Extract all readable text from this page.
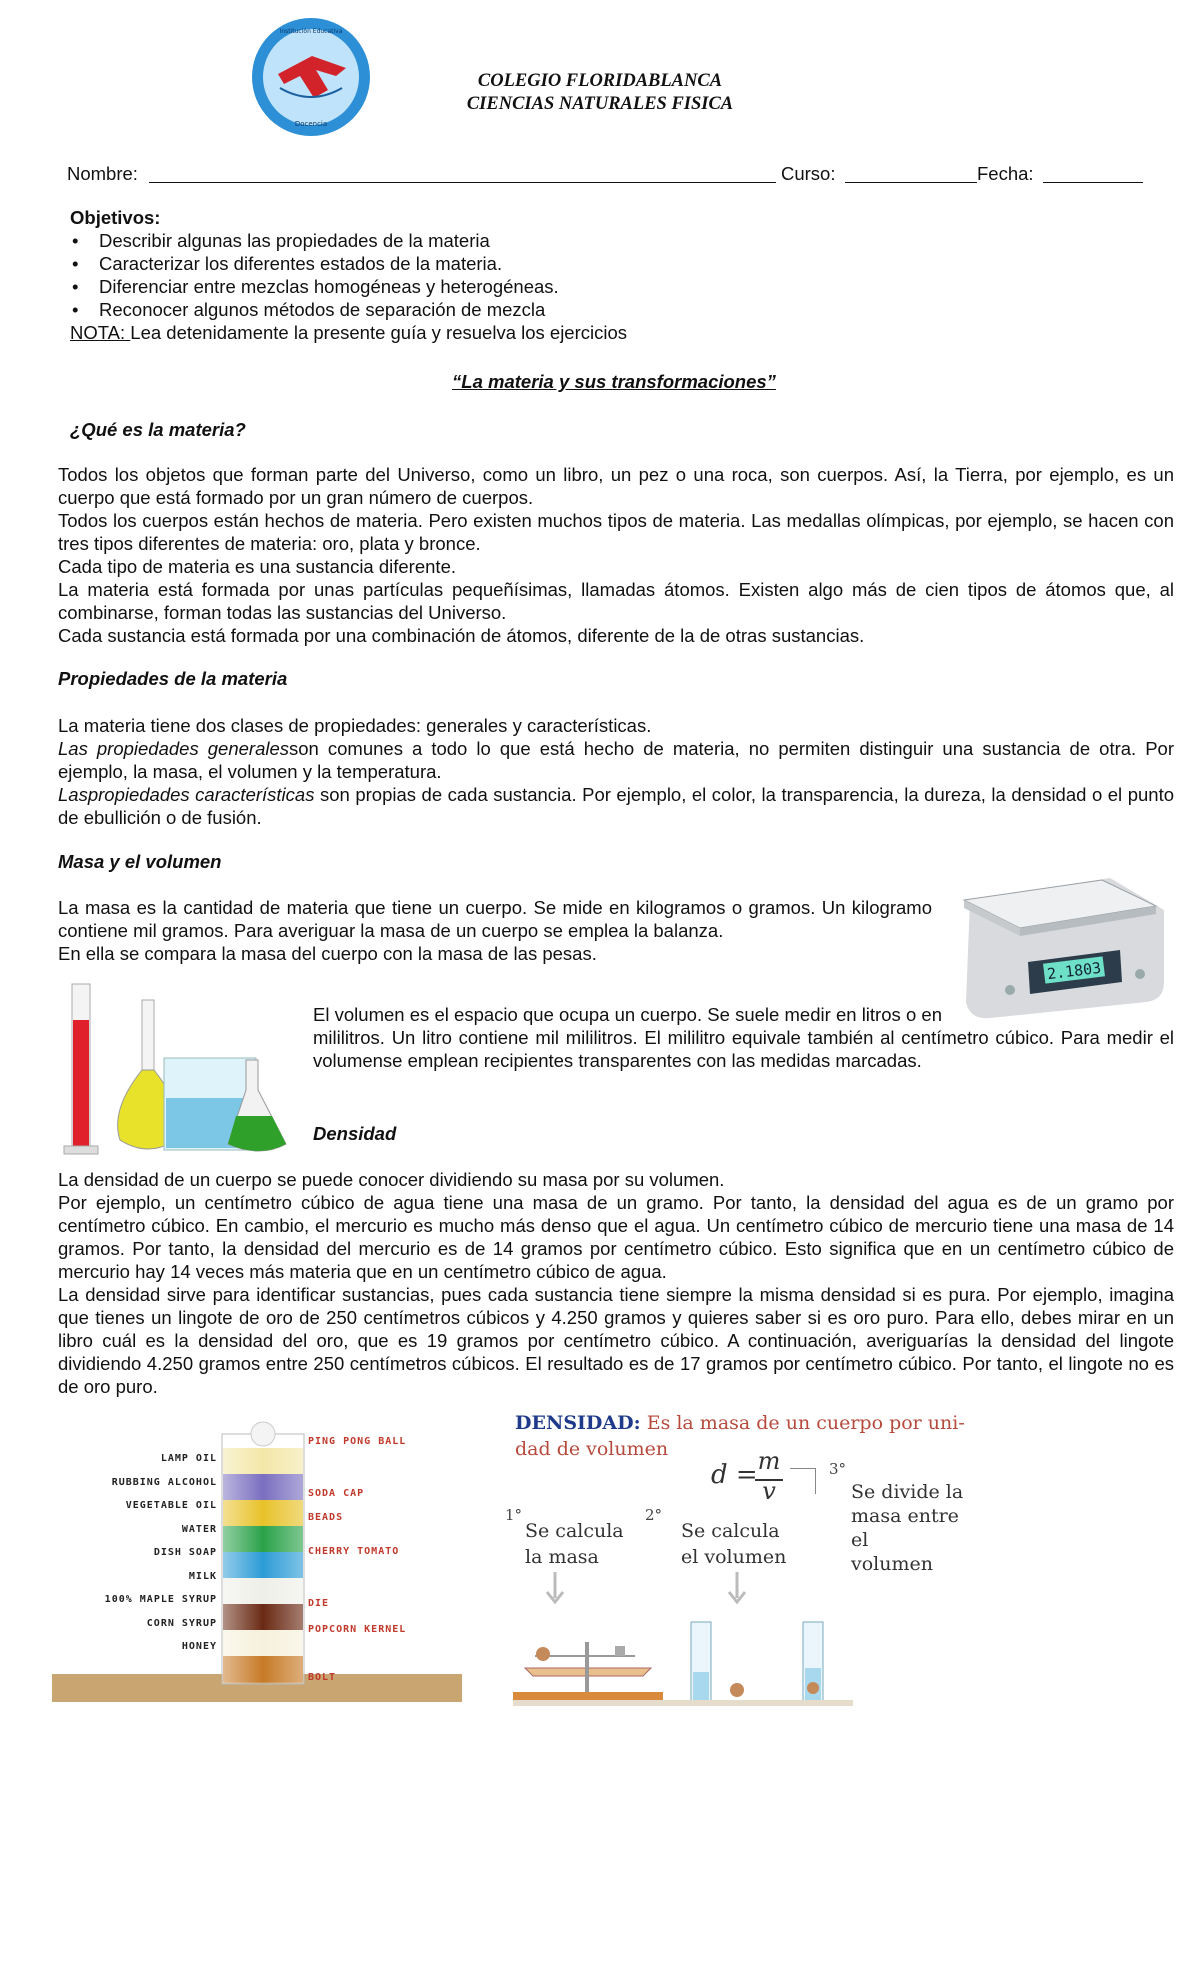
Institución Educativa
Docencia
COLEGIO FLORIDABLANCA
CIENCIAS NATURALES FISICA
Nombre:	Curso:	Fecha:
Objetivos:
• Describir algunas las propiedades de la materia
• Caracterizar los diferentes estados de la materia.
• Diferenciar entre mezclas homogéneas y heterogéneas.
• Reconocer algunos métodos de separación de mezcla
NOTA: Lea detenidamente la presente guía y resuelva los ejercicios
“La materia y sus transformaciones”
¿Qué es la materia?

Todos los objetos que forman parte del Universo, como un libro, un pez o una roca, son cuerpos. Así, la Tierra, por ejemplo, es un cuerpo que está formado por un gran número de cuerpos.

Todos los cuerpos están hechos de materia. Pero existen muchos tipos de materia. Las medallas olímpicas, por ejemplo, se hacen con tres tipos diferentes de materia: oro, plata y bronce.

Cada tipo de materia es una sustancia diferente.

La materia está formada por unas partículas pequeñísimas, llamadas átomos. Existen algo más de cien tipos de átomos que, al combinarse, forman todas las sustancias del Universo.

Cada sustancia está formada por una combinación de átomos, diferente de la de otras sustancias.

Propiedades de la materia

La materia tiene dos clases de propiedades: generales y características.

Las propiedades generalesson comunes a todo lo que está hecho de materia, no permiten distinguir una sustancia de otra. Por ejemplo, la masa, el volumen y la temperatura.

Laspropiedades características son propias de cada sustancia. Por ejemplo, el color, la transparencia, la dureza, la densidad o el punto de ebullición o de fusión.

Masa y el volumen

La masa es la cantidad de materia que tiene un cuerpo. Se mide en kilogramos o gramos. Un kilogramo contiene mil gramos. Para averiguar la masa de un cuerpo se emplea la balanza.

En ella se compara la masa del cuerpo con la masa de las pesas.

2.1803

El volumen es el espacio que ocupa un cuerpo. Se suele medir en litros o en mililitros. Un litro contiene mil mililitros. El mililitro equivale también al centímetro cúbico. Para medir el volumense emplean recipientes transparentes con las medidas marcadas.

Densidad

La densidad de un cuerpo se puede conocer dividiendo su masa por su volumen.

Por ejemplo, un centímetro cúbico de agua tiene una masa de un gramo. Por tanto, la densidad del agua es de un gramo por centímetro cúbico. En cambio, el mercurio es mucho más denso que el agua. Un centímetro cúbico de mercurio tiene una masa de 14 gramos. Por tanto, la densidad del mercurio es de 14 gramos por centímetro cúbico. Esto significa que en un centímetro cúbico de mercurio hay 14 veces más materia que en un centímetro cúbico de agua.

La densidad sirve para identificar sustancias, pues cada sustancia tiene siempre la misma densidad si es pura. Por ejemplo, imagina que tienes un lingote de oro de 250 centímetros cúbicos y 4.250 gramos y quieres saber si es oro puro. Para ello, debes mirar en un libro cuál es la densidad del oro, que es 19 gramos por centímetro cúbico. A continuación, averiguarías la densidad del lingote dividiendo 4.250 gramos entre 250 centímetros cúbicos. El resultado es de 17 gramos por centímetro cúbico. Por tanto, el lingote no es de oro puro.

LAMP OIL
RUBBING ALCOHOL
VEGETABLE OIL
WATER
DISH SOAP
MILK
100% MAPLE SYRUP
CORN SYRUP
HONEY
PING PONG BALL
SODA CAP
BEADS
CHERRY TOMATO
DIE
POPCORN KERNEL
BOLT
DENSIDAD: Es la masa de un cuerpo por uni-
dad de volumen
d = m
v
3°
Se divide la
masa entre el
volumen
1°
Se calcula
la masa
2°
Se calcula
el volumen
